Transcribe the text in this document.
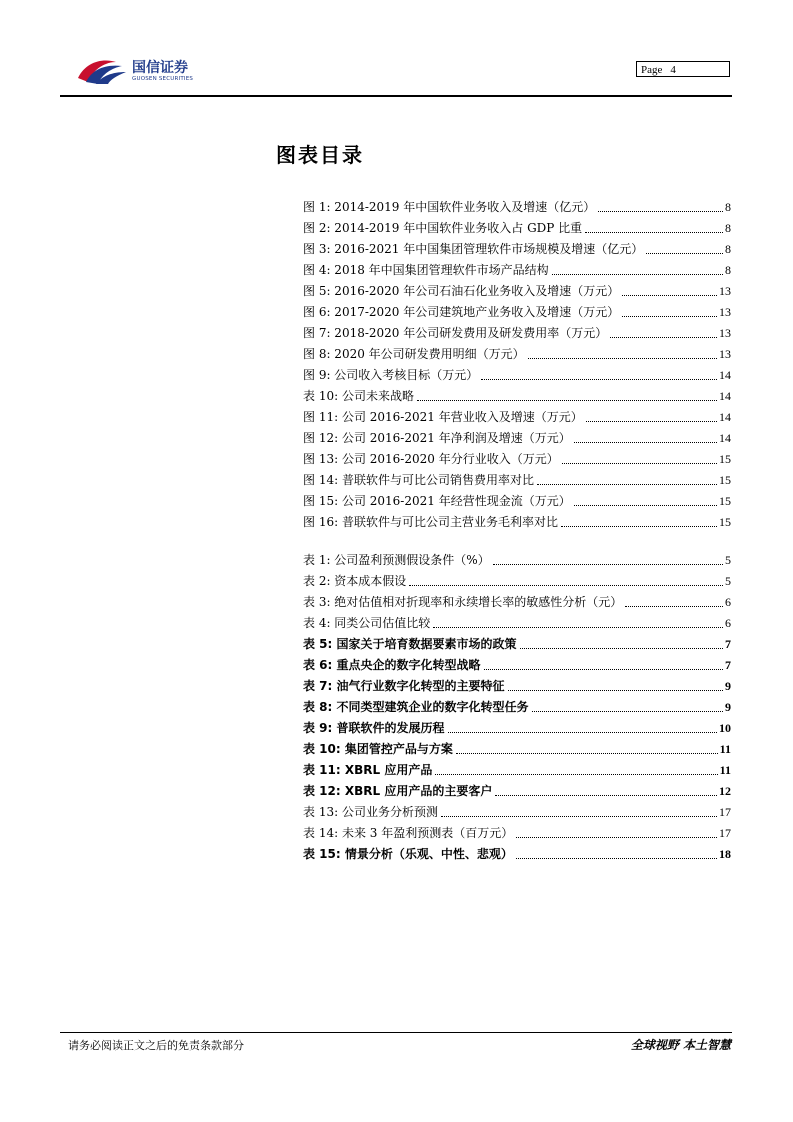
国信证券
GUOSEN SECURITIES
Page 4
图表目录
图 1: 2014-2019 年中国软件业务收入及增速（亿元）	8
图 2: 2014-2019 年中国软件业务收入占 GDP 比重	8
图 3: 2016-2021 年中国集团管理软件市场规模及增速（亿元）	8
图 4: 2018 年中国集团管理软件市场产品结构	8
图 5: 2016-2020 年公司石油石化业务收入及增速（万元）	13
图 6: 2017-2020 年公司建筑地产业务收入及增速（万元）	13
图 7: 2018-2020 年公司研发费用及研发费用率（万元）	13
图 8: 2020 年公司研发费用明细（万元）	13
图 9: 公司收入考核目标（万元）	14
表 10: 公司未来战略	14
图 11: 公司 2016-2021 年营业收入及增速（万元）	14
图 12: 公司 2016-2021 年净利润及增速（万元）	14
图 13: 公司 2016-2020 年分行业收入（万元）	15
图 14: 普联软件与可比公司销售费用率对比	15
图 15: 公司 2016-2021 年经营性现金流（万元）	15
图 16: 普联软件与可比公司主营业务毛利率对比	15
表 1: 公司盈利预测假设条件（%）	5
表 2: 资本成本假设	5
表 3: 绝对估值相对折现率和永续增长率的敏感性分析（元）	6
表 4: 同类公司估值比较	6
表 5: 国家关于培育数据要素市场的政策	7
表 6: 重点央企的数字化转型战略	7
表 7: 油气行业数字化转型的主要特征	9
表 8: 不同类型建筑企业的数字化转型任务	9
表 9: 普联软件的发展历程	10
表 10: 集团管控产品与方案	11
表 11: XBRL 应用产品	11
表 12: XBRL 应用产品的主要客户	12
表 13: 公司业务分析预测	17
表 14: 未来 3 年盈利预测表（百万元）	17
表 15: 情景分析（乐观、中性、悲观）	18
请务必阅读正文之后的免责条款部分	全球视野 本土智慧
